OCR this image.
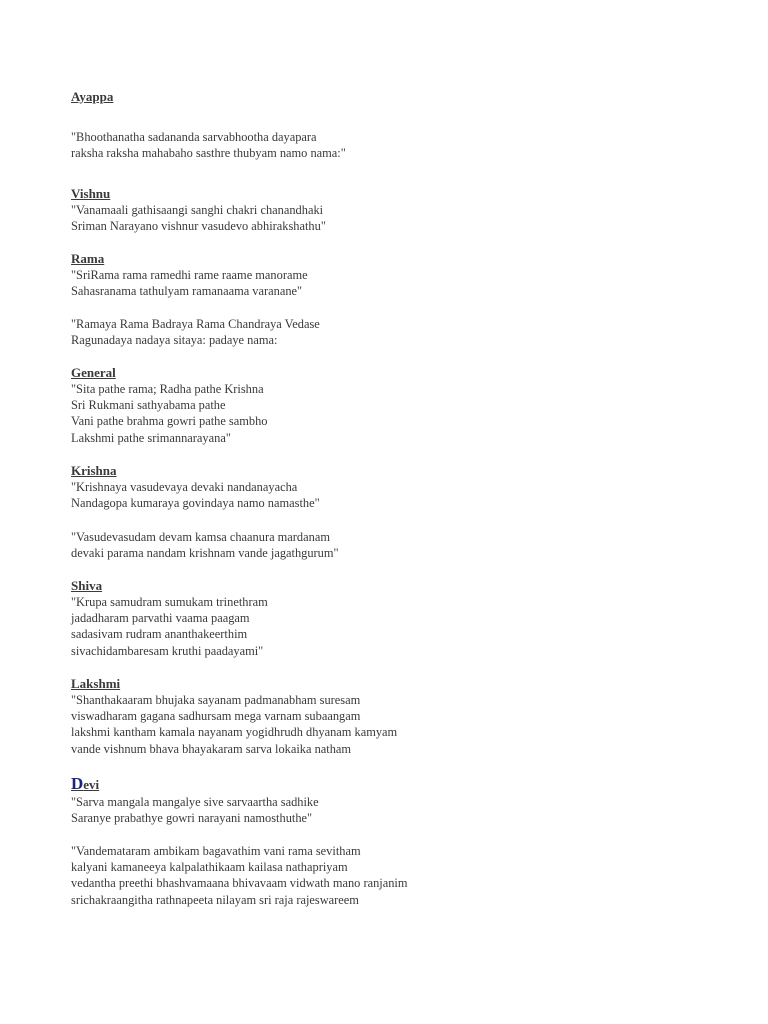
Ayappa

"Bhoothanatha sadananda sarvabhootha dayapara

raksha raksha mahabaho sasthre thubyam namo nama:"

Vishnu

"Vanamaali gathisaangi sanghi chakri chanandhaki

Sriman Narayano vishnur vasudevo abhirakshathu"

Rama

"SriRama rama ramedhi rame raame manorame

Sahasranama tathulyam ramanaama varanane"

"Ramaya Rama Badraya Rama Chandraya Vedase

Ragunadaya nadaya sitaya: padaye nama:

General

"Sita pathe rama; Radha pathe Krishna

Sri Rukmani sathyabama pathe

Vani pathe brahma gowri pathe sambho

Lakshmi pathe srimannarayana"

Krishna

"Krishnaya vasudevaya devaki nandanayacha

Nandagopa kumaraya govindaya namo namasthe"

"Vasudevasudam devam kamsa chaanura mardanam

devaki parama nandam krishnam vande jagathgurum"

Shiva

"Krupa samudram sumukam trinethram

jadadharam parvathi vaama paagam

sadasivam rudram ananthakeerthim

sivachidambaresam kruthi paadayami"

Lakshmi

"Shanthakaaram bhujaka sayanam padmanabham suresam

viswadharam gagana sadhursam mega varnam subaangam

lakshmi kantham kamala nayanam yogidhrudh dhyanam kamyam

vande vishnum bhava bhayakaram sarva lokaika natham

Devi

"Sarva mangala mangalye sive sarvaartha sadhike

Saranye prabathye gowri narayani namosthuthe"

"Vandemataram ambikam bagavathim vani rama sevitham

kalyani kamaneeya kalpalathikaam kailasa nathapriyam

vedantha preethi bhashvamaana bhivavaam vidwath mano ranjanim

srichakraangitha rathnapeeta nilayam sri raja rajeswareem
